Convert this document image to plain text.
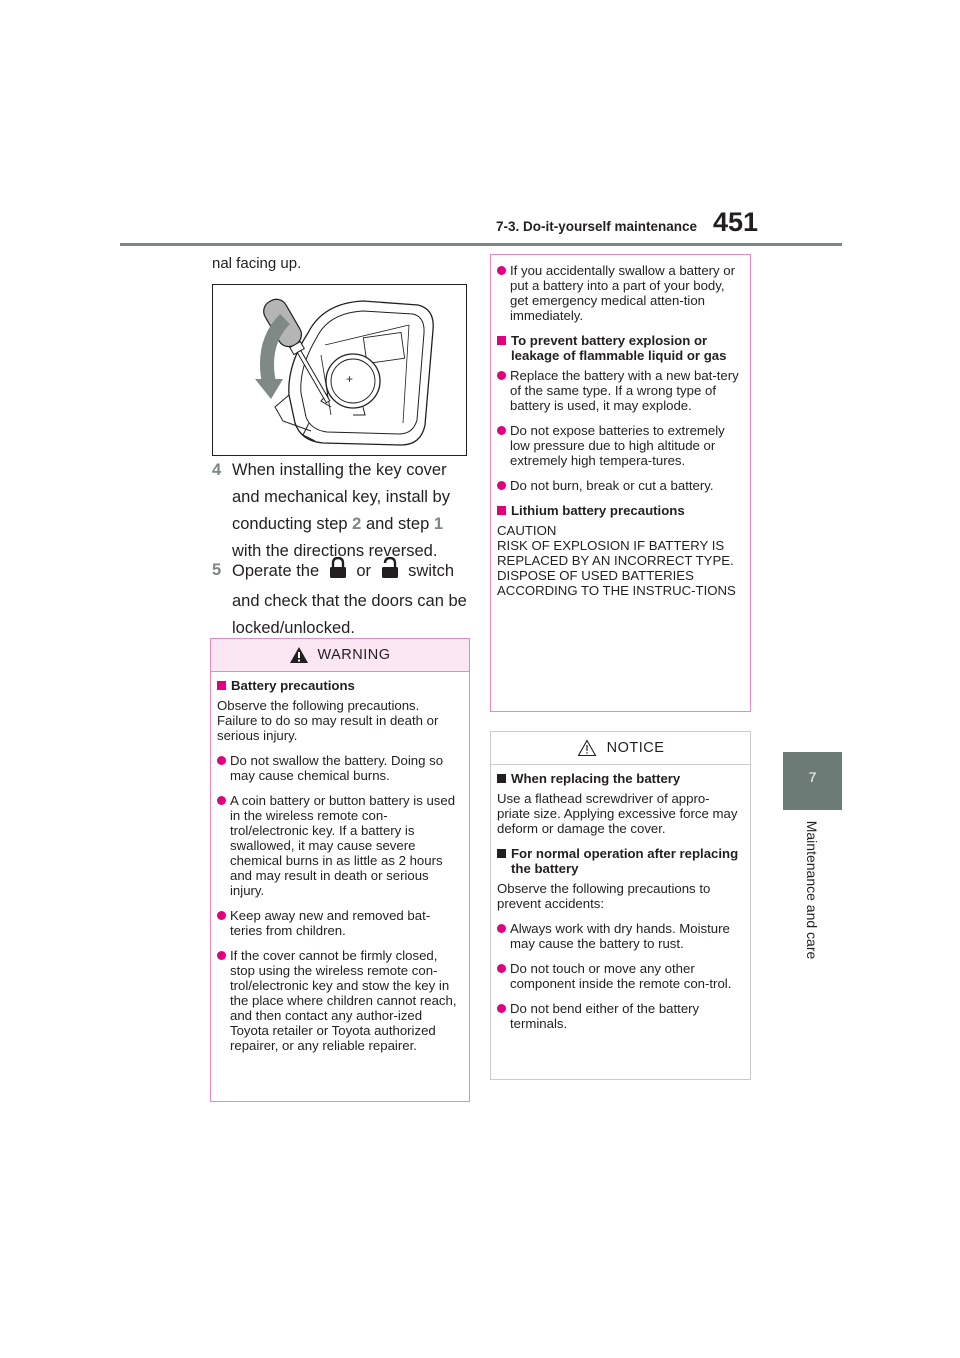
7-3. Do-it-yourself maintenance 451
7
Maintenance and care
nal facing up.
+
4 When installing the key cover and mechanical key, install by conducting step 2 and step 1 with the directions reversed.
5 Operate the  or  switch and check that the doors can be locked/unlocked.
WARNING
Battery precautions
Observe the following precautions. Failure to do so may result in death or serious injury.
Do not swallow the battery. Doing so may cause chemical burns.
A coin battery or button battery is used in the wireless remote con-trol/electronic key. If a battery is swallowed, it may cause severe chemical burns in as little as 2 hours and may result in death or serious injury.
Keep away new and removed bat-teries from children.
If the cover cannot be firmly closed, stop using the wireless remote con-trol/electronic key and stow the key in the place where children cannot reach, and then contact any author-ized Toyota retailer or Toyota authorized repairer, or any reliable repairer.
If you accidentally swallow a battery or put a battery into a part of your body, get emergency medical atten-tion immediately.
To prevent battery explosion or leakage of flammable liquid or gas
Replace the battery with a new bat-tery of the same type. If a wrong type of battery is used, it may explode.
Do not expose batteries to extremely low pressure due to high altitude or extremely high tempera-tures.
Do not burn, break or cut a battery.
Lithium battery precautions
CAUTION
RISK OF EXPLOSION IF BATTERY IS REPLACED BY AN INCORRECT TYPE.
DISPOSE OF USED BATTERIES ACCORDING TO THE INSTRUC-TIONS
NOTICE
When replacing the battery
Use a flathead screwdriver of appro-priate size. Applying excessive force may deform or damage the cover.
For normal operation after replacing the battery
Observe the following precautions to prevent accidents:
Always work with dry hands. Moisture may cause the battery to rust.
Do not touch or move any other component inside the remote con-trol.
Do not bend either of the battery terminals.
